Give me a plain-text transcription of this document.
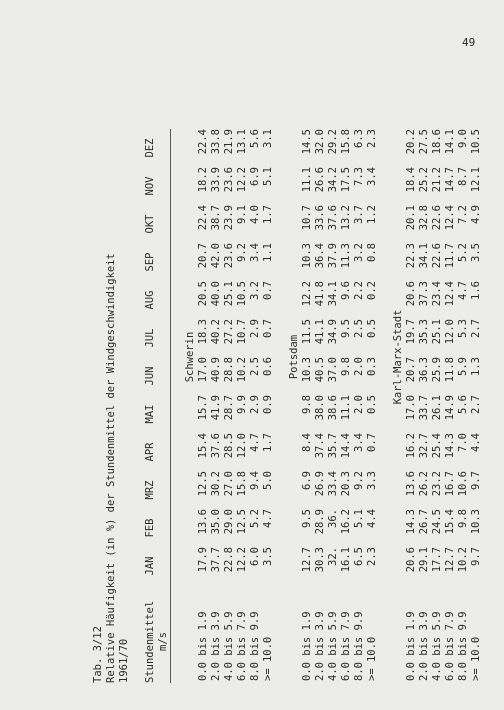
49
Tab. 3/12 Relative Häufigkeit (in %) der Stundenmittel der Windgeschwindigkeit 1961/70 Stundenmittel	JAN	FEB	MRZ	APR	MAI	JUN	JUL	AUG	SEP	OKT	NOV	DEZ
m/s												

	Schwerin											
0.0 bis 1.9	17.9	13.6	12.5	15.4	15.7	17.0	18.3	20.5	20.7	22.4	18.2	22.4
2.0 bis 3.9	37.7	35.0	30.2	37.6	41.9	40.9	40.2	40.0	42.0	38.7	33.9	33.8
4.0 bis 5.9	22.8	29.0	27.0	28.5	28.7	28.8	27.2	25.1	23.6	23.9	23.6	21.9
6.0 bis 7.9	12.2	12.5	15.8	12.0	9.9	10.2	10.7	10.5	9.2	9.1	12.2	13.1
8.0 bis 9.9	6.0	5.2	9.4	4.7	2.9	2.5	2.9	3.2	3.4	4.0	6.9	5.6
>= 10.0	3.5	4.7	5.0	1.7	0.9	0.6	0.7	0.7	1.1	1.7	5.1	3.1

	Potsdam											
0.0 bis 1.9	12.7	9.5	6.9	8.4	9.8	10.3	11.5	12.2	10.3	10.7	11.1	14.5
2.0 bis 3.9	30.3	28.9	26.9	37.4	38.0	40.5	41.1	41.8	36.4	33.6	26.6	32.0
4.0 bis 5.9	32.	36.	33.4	35.7	38.6	37.0	34.9	34.1	37.9	37.6	34.2	29.2
6.0 bis 7.9	16.1	16.2	20.3	14.4	11.1	9.8	9.5	9.6	11.3	13.2	17.5	15.8
8.0 bis 9.9	6.5	5.1	9.2	3.4	2.0	2.0	2.5	2.2	3.2	3.7	7.3	6.3
>= 10.0	2.3	4.4	3.3	0.7	0.5	0.3	0.5	0.2	0.8	1.2	3.4	2.3

	Karl-Marx-Stadt											
0.0 bis 1.9	20.6	14.3	13.6	16.2	17.0	20.7	19.7	20.6	22.3	20.1	18.4	20.2
2.0 bis 3.9	29.1	26.7	26.2	32.7	33.7	36.3	35.3	37.3	34.1	32.8	25.2	27.5
4.0 bis 5.9	17.7	24.5	23.2	25.4	26.1	25.9	25.1	23.4	22.6	22.6	21.2	18.6
6.0 bis 7.9	12.7	15.4	16.7	14.3	14.9	11.8	12.0	12.4	11.7	12.4	14.7	14.1
8.0 bis 9.9	10.2	9.8	10.6	7.0	5.6	5.9	5.3	4.7	5.2	7.2	8.7	9.0
>= 10.0	9.7	10.3	9.7	4.4	2.7	1.3	2.7	1.6	3.5	4.9	12.1	10.5
